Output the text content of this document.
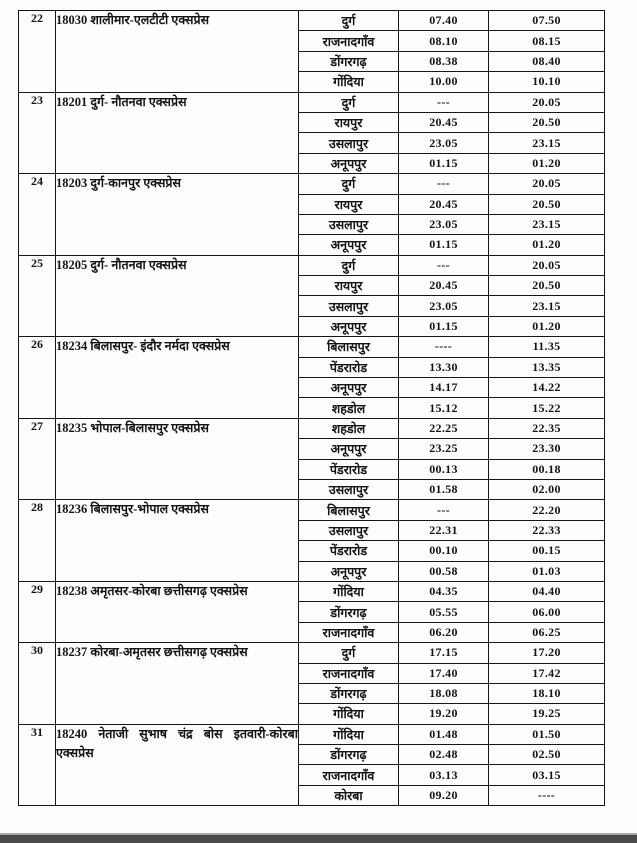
22	18030 शालीमार-एलटीटी एक्सप्रेस	दुर्ग	07.40	07.50
		राजनादगाँव	08.10	08.15
		डोंगरगढ़	08.38	08.40
		गोंदिया	10.00	10.10
23	18201 दुर्ग- नौतनवा एक्सप्रेस	दुर्ग	---	20.05
		रायपुर	20.45	20.50
		उसलापुर	23.05	23.15
		अनूपपुर	01.15	01.20
24	18203 दुर्ग-कानपुर एक्सप्रेस	दुर्ग	---	20.05
		रायपुर	20.45	20.50
		उसलापुर	23.05	23.15
		अनूपपुर	01.15	01.20
25	18205 दुर्ग- नौतनवा एक्सप्रेस	दुर्ग	---	20.05
		रायपुर	20.45	20.50
		उसलापुर	23.05	23.15
		अनूपपुर	01.15	01.20
26	18234 बिलासपुर- इंदौर नर्मदा एक्सप्रेस	बिलासपुर	----	11.35
		पेंडरारोड	13.30	13.35
		अनूपपुर	14.17	14.22
		शहडोल	15.12	15.22
27	18235 भोपाल-बिलासपुर एक्सप्रेस	शहडोल	22.25	22.35
		अनूपपुर	23.25	23.30
		पेंडरारोड	00.13	00.18
		उसलापुर	01.58	02.00
28	18236 बिलासपुर-भोपाल एक्सप्रेस	बिलासपुर	---	22.20
		उसलापुर	22.31	22.33
		पेंडरारोड	00.10	00.15
		अनूपपुर	00.58	01.03
29	18238 अमृतसर-कोरबा छत्तीसगढ़ एक्सप्रेस	गोंदिया	04.35	04.40
		डोंगरगढ़	05.55	06.00
		राजनादगाँव	06.20	06.25
30	18237 कोरबा-अमृतसर छत्तीसगढ़ एक्सप्रेस	दुर्ग	17.15	17.20
		राजनादगाँव	17.40	17.42
		डोंगरगढ़	18.08	18.10
		गोंदिया	19.20	19.25
31	18240 नेताजी सुभाष चंद्र बोस इतवारी-कोरबा एक्सप्रेस	गोंदिया	01.48	01.50
		डोंगरगढ़	02.48	02.50
		राजनादगाँव	03.13	03.15
		कोरबा	09.20	----
